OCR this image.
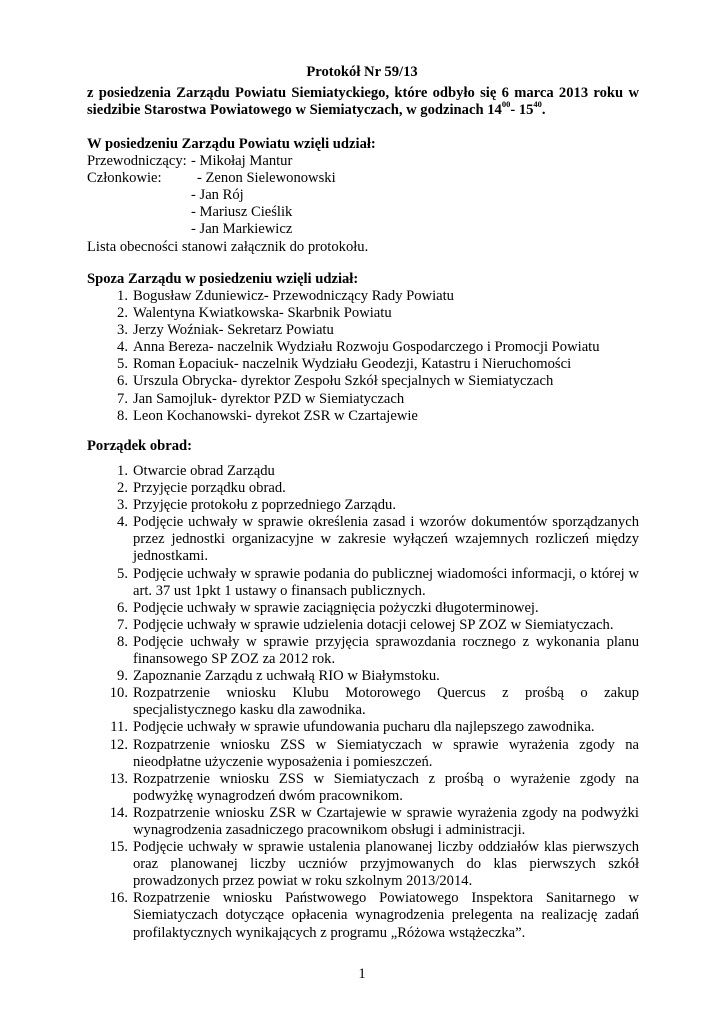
Protokół Nr 59/13
z posiedzenia Zarządu Powiatu Siemiatyckiego, które odbyło się 6 marca 2013 roku w
siedzibie Starostwa Powiatowego w Siemiatyczach, w godzinach $14^{00}-$ $15^{40}$.
W posiedzeniu Zarządu Powiatu wzięli udział:
Przewodniczący: - Mikołaj Mantur
Członkowie:	- Zenon Sielewonowski
- Jan Rój
- Mariusz Cieślik
- Jan Markiewicz
Lista obecności stanowi załącznik do protokołu.
Spoza Zarządu w posiedzeniu wzięli udział:
1. Bogusław Zduniewicz- Przewodniczący Rady Powiatu
2. Walentyna Kwiatkowska- Skarbnik Powiatu
3. Jerzy Woźniak- Sekretarz Powiatu
4. Anna Bereza- naczelnik Wydziału Rozwoju Gospodarczego i Promocji Powiatu
5. Roman Łopaciuk- naczelnik Wydziału Geodezji, Katastru i Nieruchomości
6. Urszula Obrycka- dyrektor Zespołu Szkół specjalnych w Siemiatyczach
7. Jan Samojluk- dyrektor PZD w Siemiatyczach
8. Leon Kochanowski- dyrekot ZSR w Czartajewie
Porządek obrad:
1. Otwarcie obrad Zarządu
2. Przyjęcie porządku obrad.
3. Przyjęcie protokołu z poprzedniego Zarządu.
4. Podjęcie uchwały w sprawie określenia zasad i wzorów dokumentów sporządzanych
przez jednostki organizacyjne w zakresie wyłączeń wzajemnych rozliczeń między
jednostkami.
5. Podjęcie uchwały w sprawie podania do publicznej wiadomości informacji, o której w
art. 37 ust 1pkt 1 ustawy o finansach publicznych.
6. Podjęcie uchwały w sprawie zaciągnięcia pożyczki długoterminowej.
7. Podjęcie uchwały w sprawie udzielenia dotacji celowej SP ZOZ w Siemiatyczach.
8. Podjęcie uchwały w sprawie przyjęcia sprawozdania rocznego z wykonania planu
finansowego SP ZOZ za 2012 rok.
9. Zapoznanie Zarządu z uchwałą RIO w Białymstoku.
10. Rozpatrzenie wniosku Klubu Motorowego Quercus z prośbą o zakup
specjalistycznego kasku dla zawodnika.
11. Podjęcie uchwały w sprawie ufundowania pucharu dla najlepszego zawodnika.
12. Rozpatrzenie wniosku ZSS w Siemiatyczach w sprawie wyrażenia zgody na
nieodpłatne użyczenie wyposażenia i pomieszczeń.
13. Rozpatrzenie wniosku ZSS w Siemiatyczach z prośbą o wyrażenie zgody na
podwyżkę wynagrodzeń dwóm pracownikom.
14. Rozpatrzenie wniosku ZSR w Czartajewie w sprawie wyrażenia zgody na podwyżki
wynagrodzenia zasadniczego pracownikom obsługi i administracji.
15. Podjęcie uchwały w sprawie ustalenia planowanej liczby oddziałów klas pierwszych
oraz planowanej liczby uczniów przyjmowanych do klas pierwszych szkół
prowadzonych przez powiat w roku szkolnym 2013/2014.
16. Rozpatrzenie wniosku Państwowego Powiatowego Inspektora Sanitarnego w
Siemiatyczach dotyczące opłacenia wynagrodzenia prelegenta na realizację zadań
profilaktycznych wynikających z programu „Różowa wstążeczka”.
1
